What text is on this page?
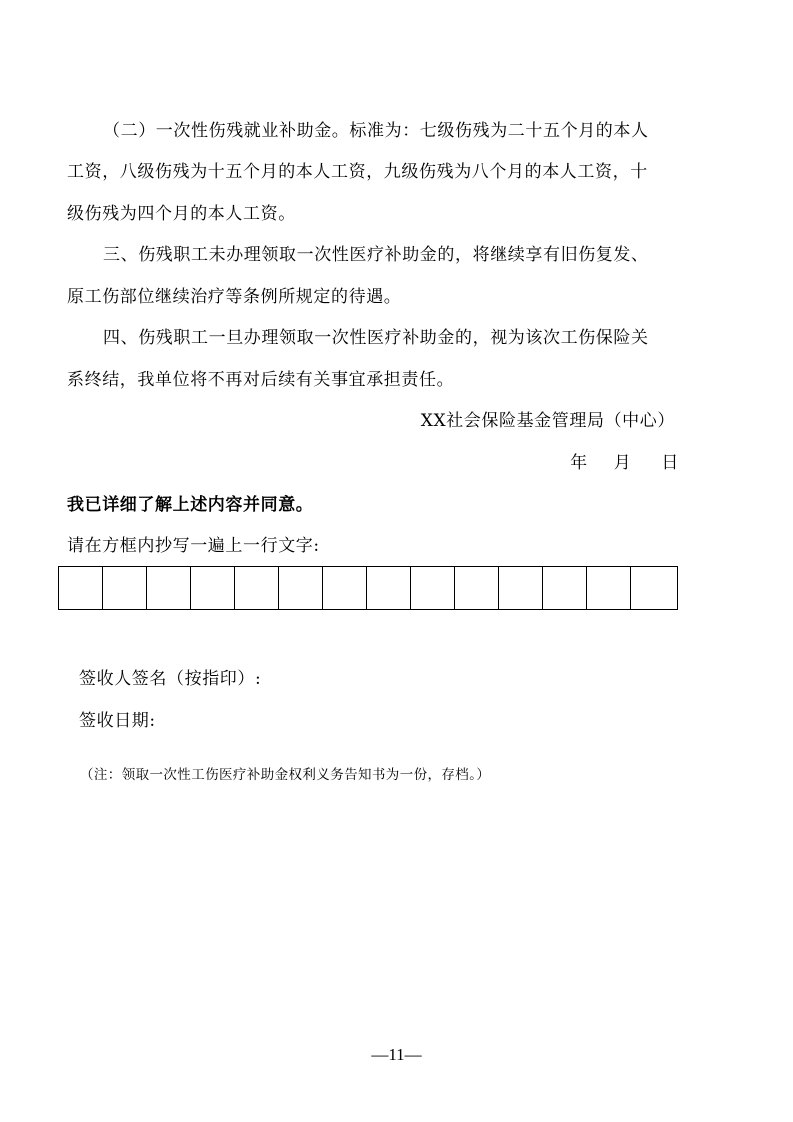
（二）一次性伤残就业补助金。标准为：七级伤残为二十五个月的本人
工资，八级伤残为十五个月的本人工资，九级伤残为八个月的本人工资，十
级伤残为四个月的本人工资。
三、伤残职工未办理领取一次性医疗补助金的，将继续享有旧伤复发、
原工伤部位继续治疗等条例所规定的待遇。
四、伤残职工一旦办理领取一次性医疗补助金的，视为该次工伤保险关
系终结，我单位将不再对后续有关事宜承担责任。
XX社会保险基金管理局（中心）
年 月 日
我已详细了解上述内容并同意。
请在方框内抄写一遍上一行文字:
签收人签名（按指印）:
签收日期:
（注：领取一次性工伤医疗补助金权利义务告知书为一份，存档。）
—11—
